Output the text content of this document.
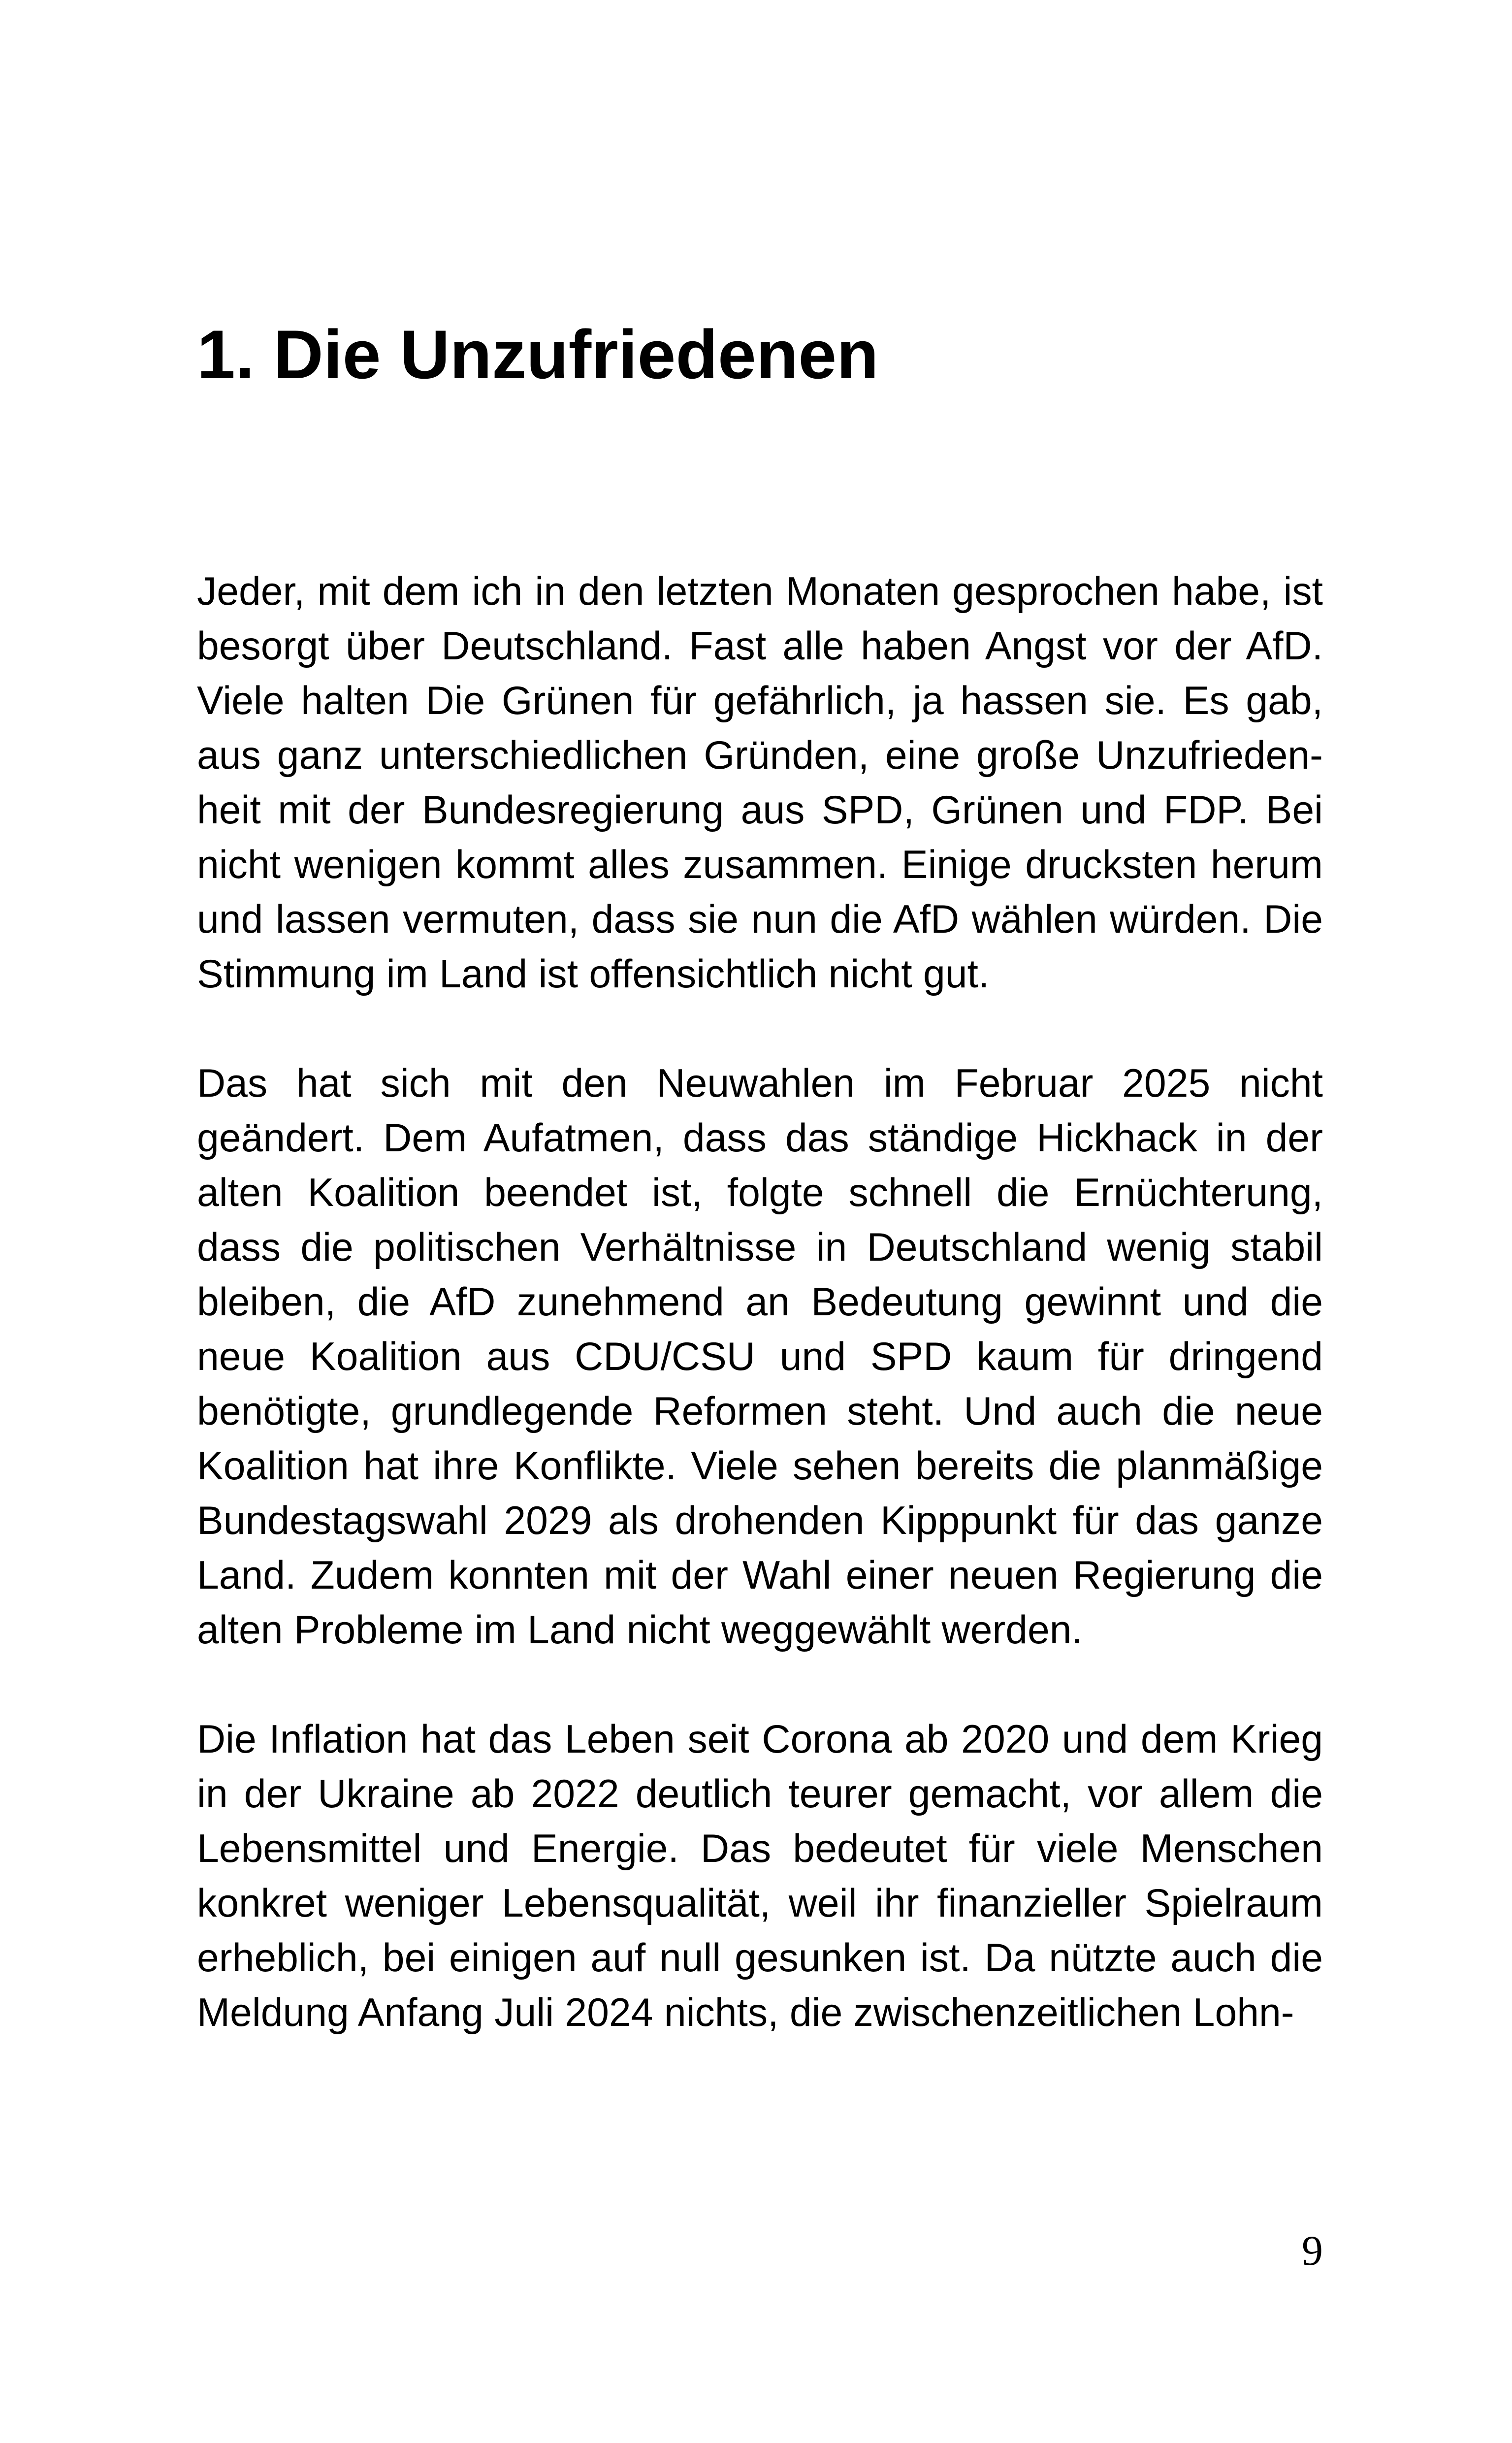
1. Die Unzufriedenen

Jeder, mit dem ich in den letzten Monaten gesprochen habe, ist
besorgt über Deutschland. Fast alle haben Angst vor der AfD.
Viele halten Die Grünen für gefährlich, ja hassen sie. Es gab,
aus ganz unterschiedlichen Gründen, eine große Unzufrieden-
heit mit der Bundesregierung aus SPD, Grünen und FDP. Bei
nicht wenigen kommt alles zusammen. Einige drucksten herum
und lassen vermuten, dass sie nun die AfD wählen würden. Die
Stimmung im Land ist offensichtlich nicht gut.

Das hat sich mit den Neuwahlen im Februar 2025 nicht
geändert. Dem Aufatmen, dass das ständige Hickhack in der
alten Koalition beendet ist, folgte schnell die Ernüchterung,
dass die politischen Verhältnisse in Deutschland wenig stabil
bleiben, die AfD zunehmend an Bedeutung gewinnt und die
neue Koalition aus CDU/CSU und SPD kaum für dringend
benötigte, grundlegende Reformen steht. Und auch die neue
Koalition hat ihre Konflikte. Viele sehen bereits die planmäßige
Bundestagswahl 2029 als drohenden Kipppunkt für das ganze
Land. Zudem konnten mit der Wahl einer neuen Regierung die
alten Probleme im Land nicht weggewählt werden.

Die Inflation hat das Leben seit Corona ab 2020 und dem Krieg
in der Ukraine ab 2022 deutlich teurer gemacht, vor allem die
Lebensmittel und Energie. Das bedeutet für viele Menschen
konkret weniger Lebensqualität, weil ihr finanzieller Spielraum
erheblich, bei einigen auf null gesunken ist. Da nützte auch die
Meldung Anfang Juli 2024 nichts, die zwischenzeitlichen Lohn-

9
